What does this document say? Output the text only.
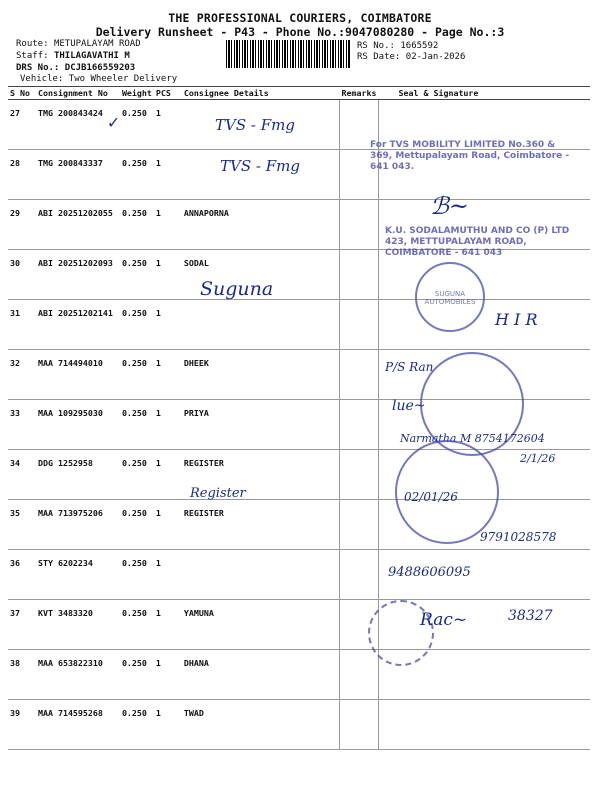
THE PROFESSIONAL COURIERS, COIMBATORE
Delivery Runsheet - P43 - Phone No.:9047080280 - Page No.:3
Route: METUPALAYAM ROAD
Staff: THILAGAVATHI M
DRS No.: DCJB166559203
Vehicle: Two Wheeler Delivery
RS No.: 1665592
RS Date: 02-Jan-2026
S No	Consignment No	Weight	PCS	Consignee Details	Remarks	Seal & Signature
27	TMG 200843424	0.250	1			
28	TMG 200843337	0.250	1			
29	ABI 20251202055	0.250	1	ANNAPORNA		
30	ABI 20251202093	0.250	1	SODAL		
31	ABI 20251202141	0.250	1			
32	MAA 714494010	0.250	1	DHEEK		
33	MAA 109295030	0.250	1	PRIYA		
34	DDG 1252958	0.250	1	REGISTER		
35	MAA 713975206	0.250	1	REGISTER		
36	STY 6202234	0.250	1			
37	KVT 3483320	0.250	1	YAMUNA		
38	MAA 653822310	0.250	1	DHANA		
39	MAA 714595268	0.250	1	TWAD		
✓	TVS - Fmg
TVS - Fmg
Suguna
Register
For TVS MOBILITY LIMITED No.360 & 369, Mettupalayam Road, Coimbatore - 641 043.
ℬ~
K.U. SODALAMUTHU AND CO (P) LTD 423, METTUPALAYAM ROAD, COIMBATORE - 641 043
SUGUNA AUTOMOBILES
H I R
P/S Ran
lue~
Narmatha M 8754172604
2/1/26
02/01/26
9791028578
9488606095
Rac~	38327
